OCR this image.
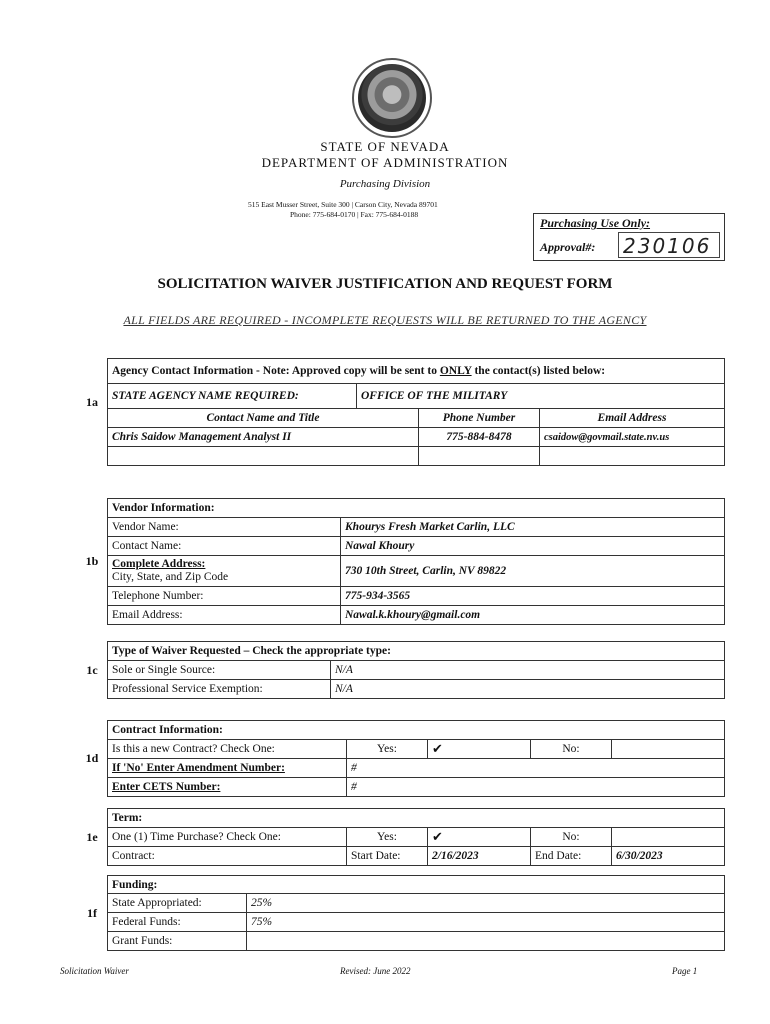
STATE OF NEVADA
DEPARTMENT OF ADMINISTRATION
Purchasing Division
515 East Musser Street, Suite 300 | Carson City, Nevada 89701
Phone: 775-684-0170 | Fax: 775-684-0188
Purchasing Use Only:
Approval#: 230106
SOLICITATION WAIVER JUSTIFICATION AND REQUEST FORM
ALL FIELDS ARE REQUIRED - INCOMPLETE REQUESTS WILL BE RETURNED TO THE AGENCY
1a	Agency Contact Information - Note: Approved copy will be sent to ONLY the contact(s) listed below:			
	STATE AGENCY NAME REQUIRED:	OFFICE OF THE MILITARY		
	Contact Name and Title		Phone Number	Email Address
	Chris Saidow Management Analyst II		775-884-8478	csaidow@govmail.state.nv.us

1b	Vendor Information:	
	Vendor Name:	Khourys Fresh Market Carlin, LLC
	Contact Name:	Nawal Khoury
	Complete Address:
City, State, and Zip Code	730 10th Street, Carlin, NV 89822
	Telephone Number:	775-934-3565
	Email Address:	Nawal.k.khoury@gmail.com
1c	Type of Waiver Requested – Check the appropriate type:	
	Sole or Single Source:	N/A
	Professional Service Exemption:	N/A
1d	Contract Information:				
	Is this a new Contract? Check One:	Yes:	✔	No:	
	If 'No' Enter Amendment Number:	#			
	Enter CETS Number:	#			
1e	Term:				
	One (1) Time Purchase? Check One:	Yes:	✔	No:	
	Contract:	Start Date:	2/16/2023	End Date:	6/30/2023
1f	Funding:	
	State Appropriated:	25%
	Federal Funds:	75%
	Grant Funds:	
Solicitation Waiver	Revised: June 2022	Page 1
